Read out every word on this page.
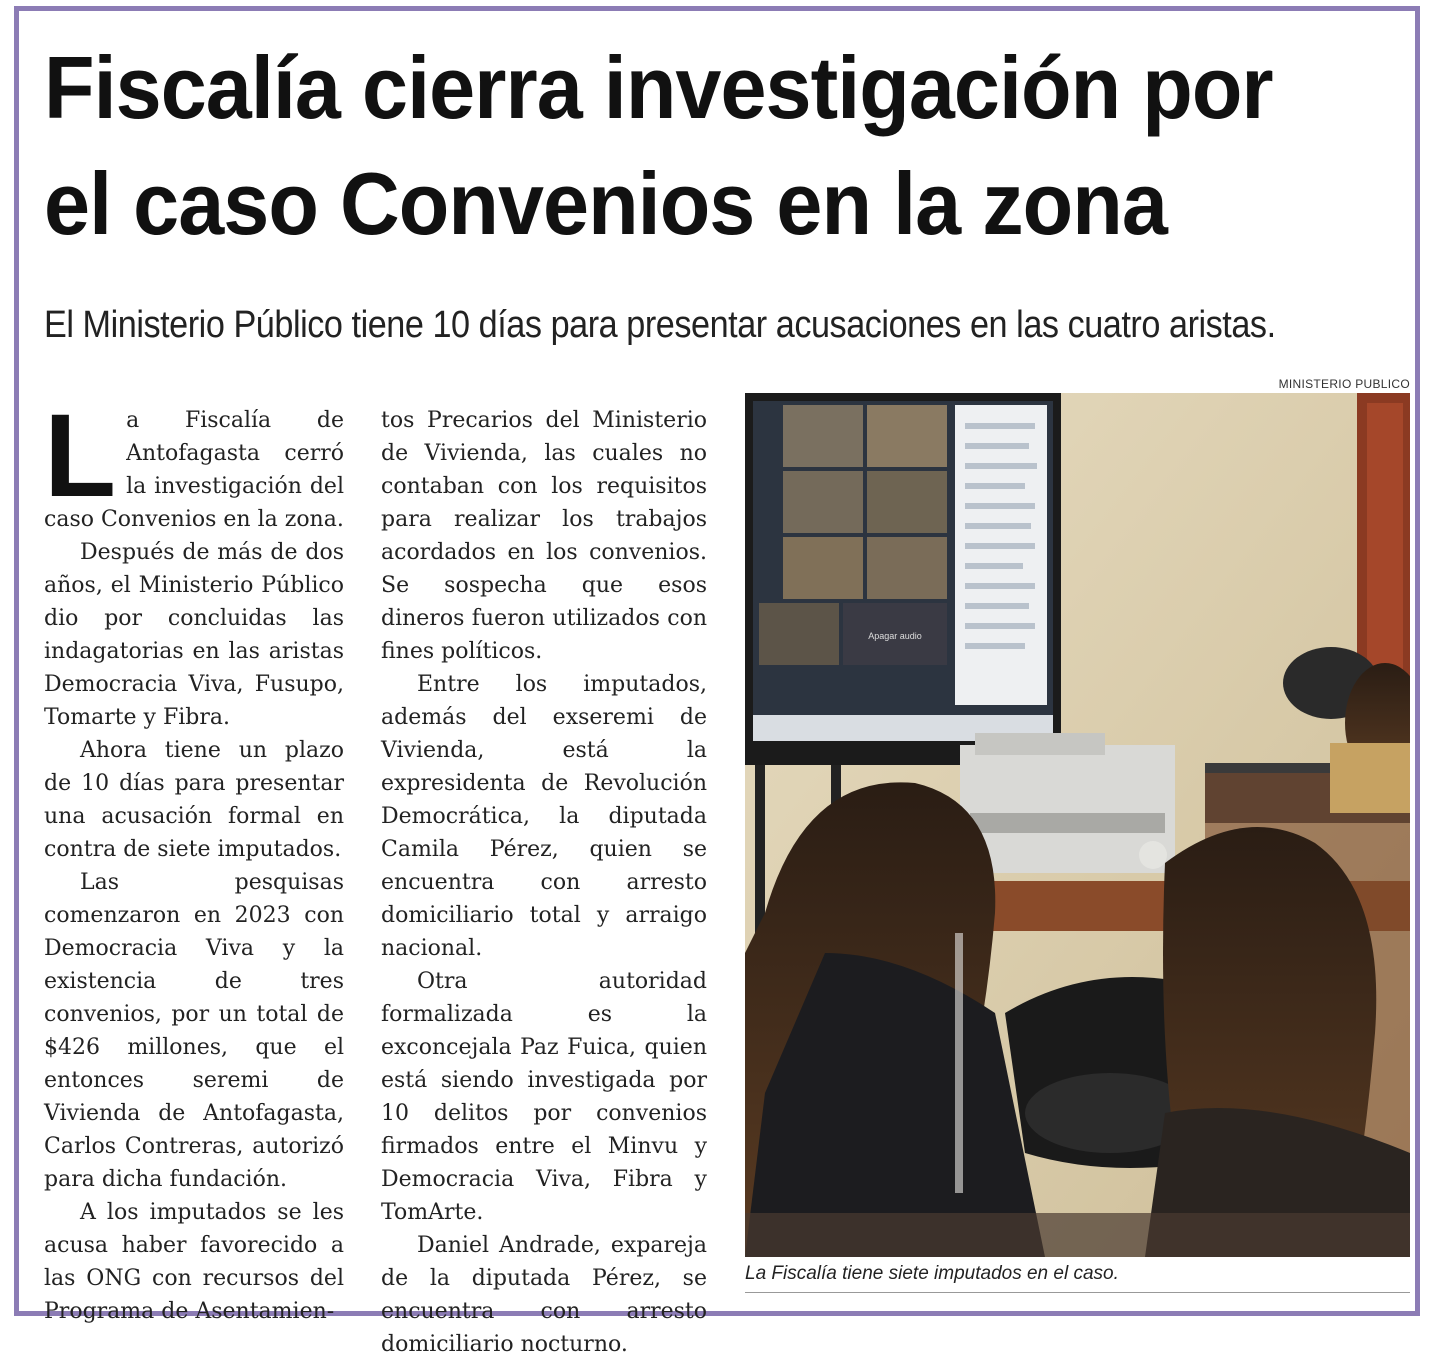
Fiscalía cierra investigación por
el caso Convenios en la zona
El Ministerio Público tiene 10 días para presentar acusaciones en las cuatro aristas.
L a Fiscalía de Antofagasta cerró la investigación del caso Convenios en la zona.

Después de más de dos años, el Ministerio Público dio por concluidas las indagatorias en las aristas Democracia Viva, Fusupo, Tomarte y Fibra.

Ahora tiene un plazo de 10 días para presentar una acusación formal en contra de siete imputados.

Las pesquisas comenzaron en 2023 con Democracia Viva y la existencia de tres convenios, por un total de $426 millones, que el entonces seremi de Vivienda de Antofagasta, Carlos Contreras, autorizó para dicha fundación.

A los imputados se les acusa haber favorecido a las ONG con recursos del Programa de Asentamien-

tos Precarios del Ministerio de Vivienda, las cuales no contaban con los requisitos para realizar los trabajos acordados en los convenios. Se sospecha que esos dineros fueron utilizados con fines políticos.

Entre los imputados, además del exseremi de Vivienda, está la expresidenta de Revolución Democrática, la diputada Camila Pérez, quien se encuentra con arresto domiciliario total y arraigo nacional.

Otra autoridad formalizada es la exconcejala Paz Fuica, quien está siendo investigada por 10 delitos por convenios firmados entre el Minvu y Democracia Viva, Fibra y TomArte.

Daniel Andrade, expareja de la diputada Pérez, se encuentra con arresto domiciliario nocturno.

MINISTERIO PUBLICO
Apagar audio
La Fiscalía tiene siete imputados en el caso.
